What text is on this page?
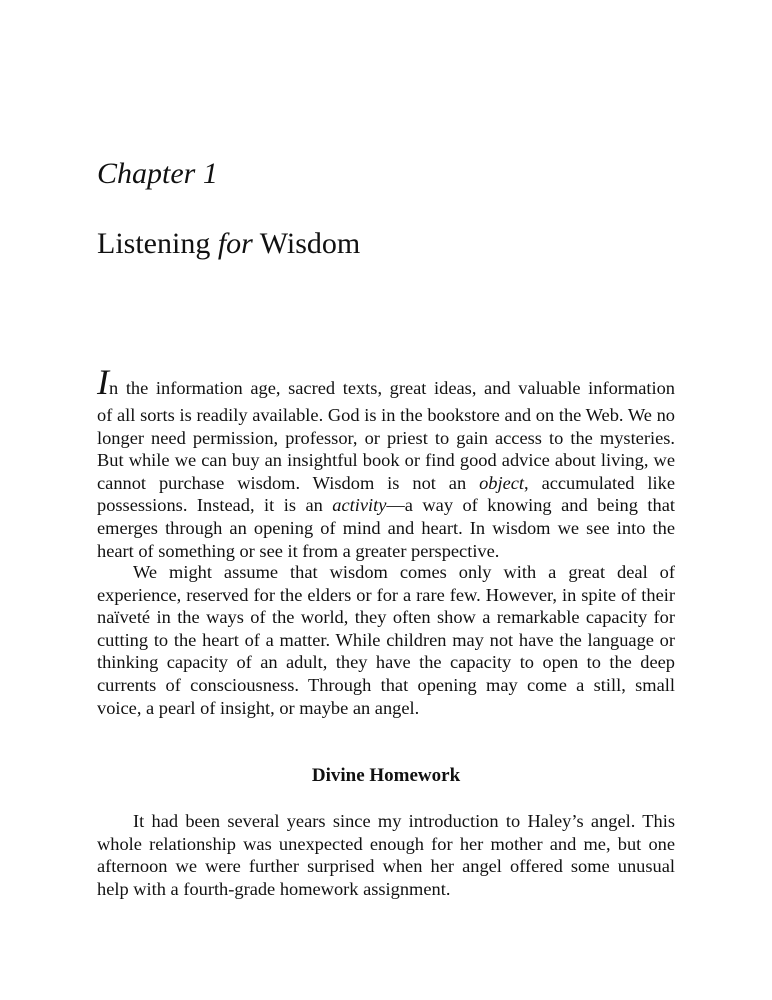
Chapter 1
Listening for Wisdom

In the information age, sacred texts, great ideas, and valuable information
of all sorts is readily available. God is in the bookstore and on the Web. We no longer need permission, professor, or priest to gain access to the mysteries. But while we can buy an insightful book or find good advice about living, we cannot purchase wisdom. Wisdom is not an object, accumulated like possessions. Instead, it is an activity—a way of knowing and being that emerges through an opening of mind and heart. In wisdom we see into the heart of something or see it from a greater perspective.

We might assume that wisdom comes only with a great deal of experience, reserved for the elders or for a rare few. However, in spite of their naïveté in the ways of the world, they often show a remarkable capacity for cutting to the heart of a matter. While children may not have the language or thinking capacity of an adult, they have the capacity to open to the deep currents of consciousness. Through that opening may come a still, small voice, a pearl of insight, or maybe an angel.

Divine Homework

It had been several years since my introduction to Haley’s angel. This whole relationship was unexpected enough for her mother and me, but one afternoon we were further surprised when her angel offered some unusual help with a fourth-grade homework assignment.
